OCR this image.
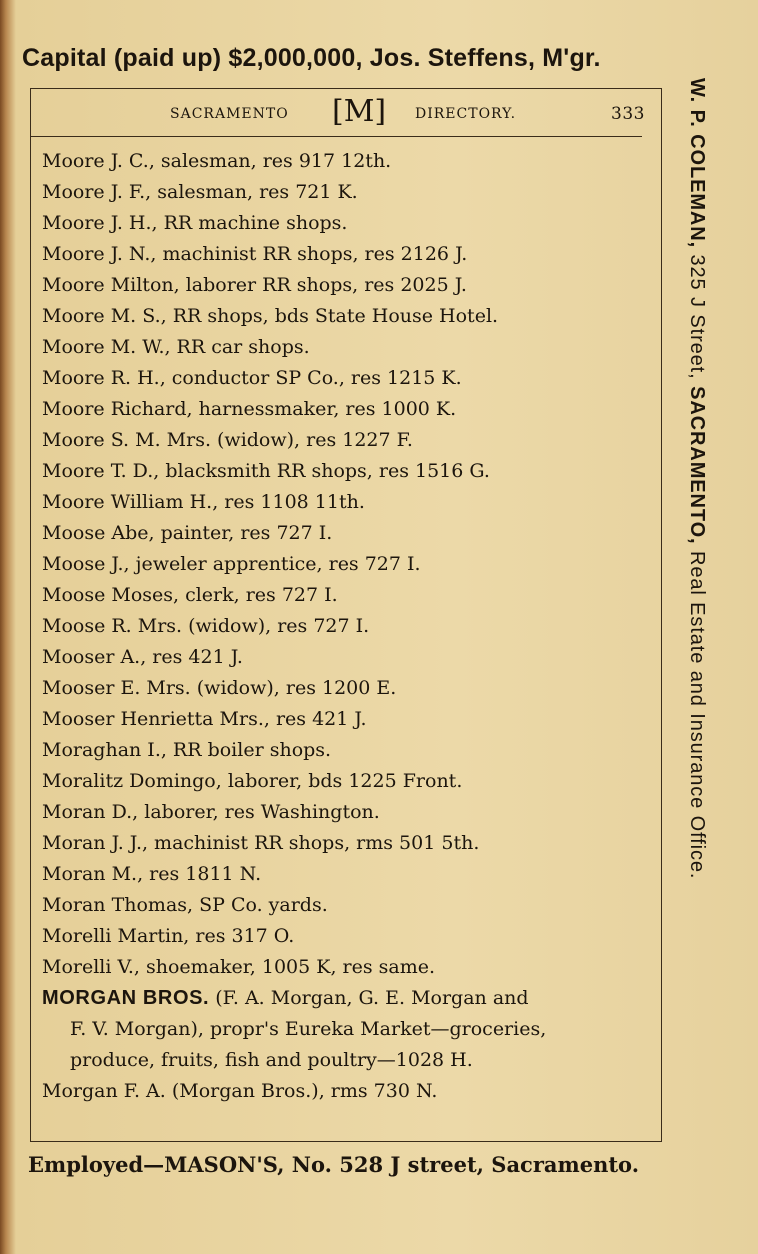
Capital (paid up) $2,000,000, Jos. Steffens, M'gr.
SACRAMENTO [M] DIRECTORY.	333
Moore J. C., salesman, res 917 12th.
Moore J. F., salesman, res 721 K.
Moore J. H., RR machine shops.
Moore J. N., machinist RR shops, res 2126 J.
Moore Milton, laborer RR shops, res 2025 J.
Moore M. S., RR shops, bds State House Hotel.
Moore M. W., RR car shops.
Moore R. H., conductor SP Co., res 1215 K.
Moore Richard, harnessmaker, res 1000 K.
Moore S. M. Mrs. (widow), res 1227 F.
Moore T. D., blacksmith RR shops, res 1516 G.
Moore William H., res 1108 11th.
Moose Abe, painter, res 727 I.
Moose J., jeweler apprentice, res 727 I.
Moose Moses, clerk, res 727 I.
Moose R. Mrs. (widow), res 727 I.
Mooser A., res 421 J.
Mooser E. Mrs. (widow), res 1200 E.
Mooser Henrietta Mrs., res 421 J.
Moraghan I., RR boiler shops.
Moralitz Domingo, laborer, bds 1225 Front.
Moran D., laborer, res Washington.
Moran J. J., machinist RR shops, rms 501 5th.
Moran M., res 1811 N.
Moran Thomas, SP Co. yards.
Morelli Martin, res 317 O.
Morelli V., shoemaker, 1005 K, res same.
MORGAN BROS. (F. A. Morgan, G. E. Morgan and
F. V. Morgan), propr's Eureka Market—groceries,
produce, fruits, fish and poultry—1028 H.
Morgan F. A. (Morgan Bros.), rms 730 N.
W. P. COLEMAN, 325 J Street, SACRAMENTO, Real Estate and Insurance Office.
Employed—MASON'S, No. 528 J street, Sacramento.
